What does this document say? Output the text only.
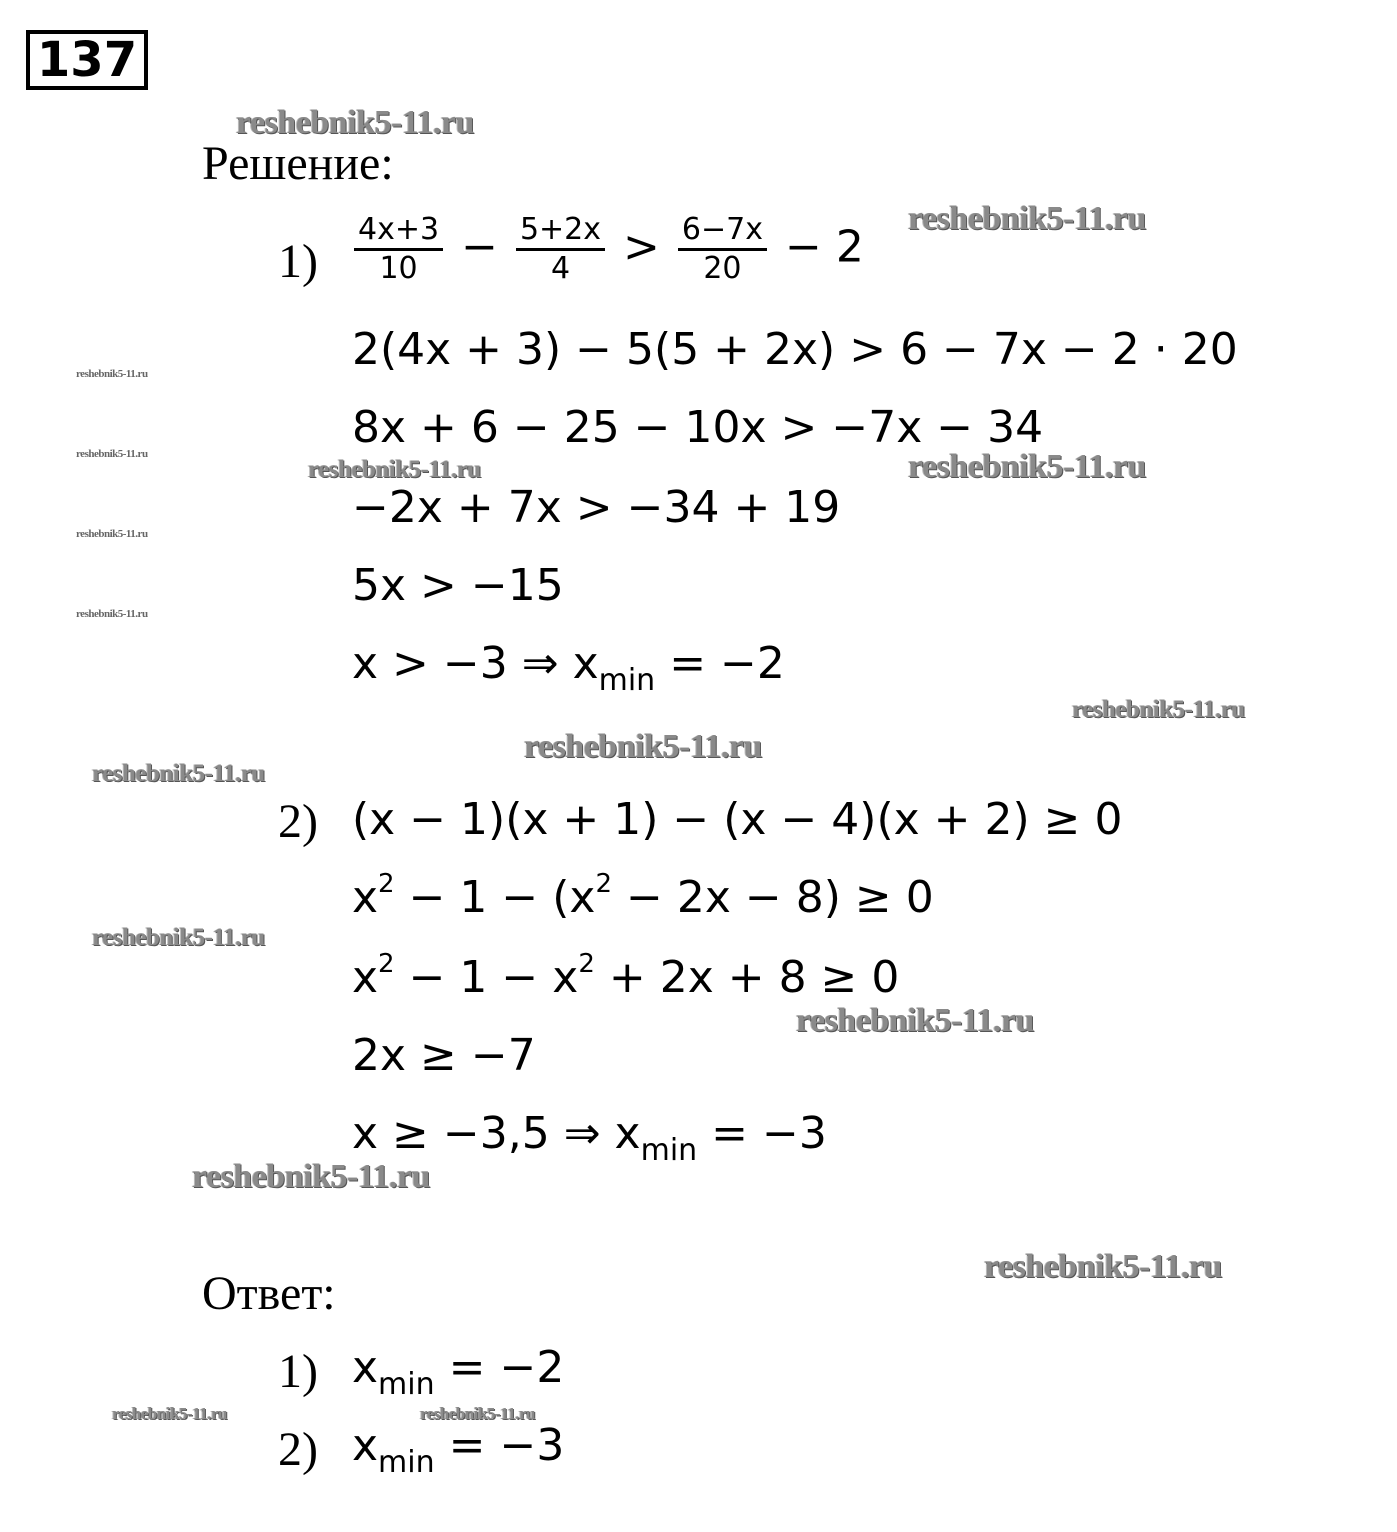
137
Решение:
$1) \frac{4x+3}{10} - \frac{5+2x}{4} > \frac{6-7x}{20} - 2$
2(4x + 3) − 5(5 + 2x) > 6 − 7x − 2 · 20
8x + 6 − 25 − 10x > −7x − 34
−2x + 7x > −34 + 19
5x > −15
x > −3 ⇒ $x_{min} = -2$
2) (x − 1)(x + 1) − (x − 4)(x + 2) ≥ 0
$x^2 - 1 - (x^2 - 2x - 8) \ge 0$
$x^2 - 1 - x^2 + 2x + 8 \ge 0$
2x ≥ −7
x ≥ −3,5 ⇒ $x_{min} = -3$
Ответ:
1) $x_{min} = -2$
2) $x_{min} = -3$
reshebnik5-11.ru
reshebnik5-11.ru
reshebnik5-11.ru
reshebnik5-11.ru
reshebnik5-11.ru	reshebnik5-11.ru
reshebnik5-11.ru
reshebnik5-11.ru
reshebnik5-11.ru
reshebnik5-11.ru
reshebnik5-11.ru
reshebnik5-11.ru
reshebnik5-11.ru
reshebnik5-11.ru
reshebnik5-11.ru
reshebnik5-11.ru	reshebnik5-11.ru
